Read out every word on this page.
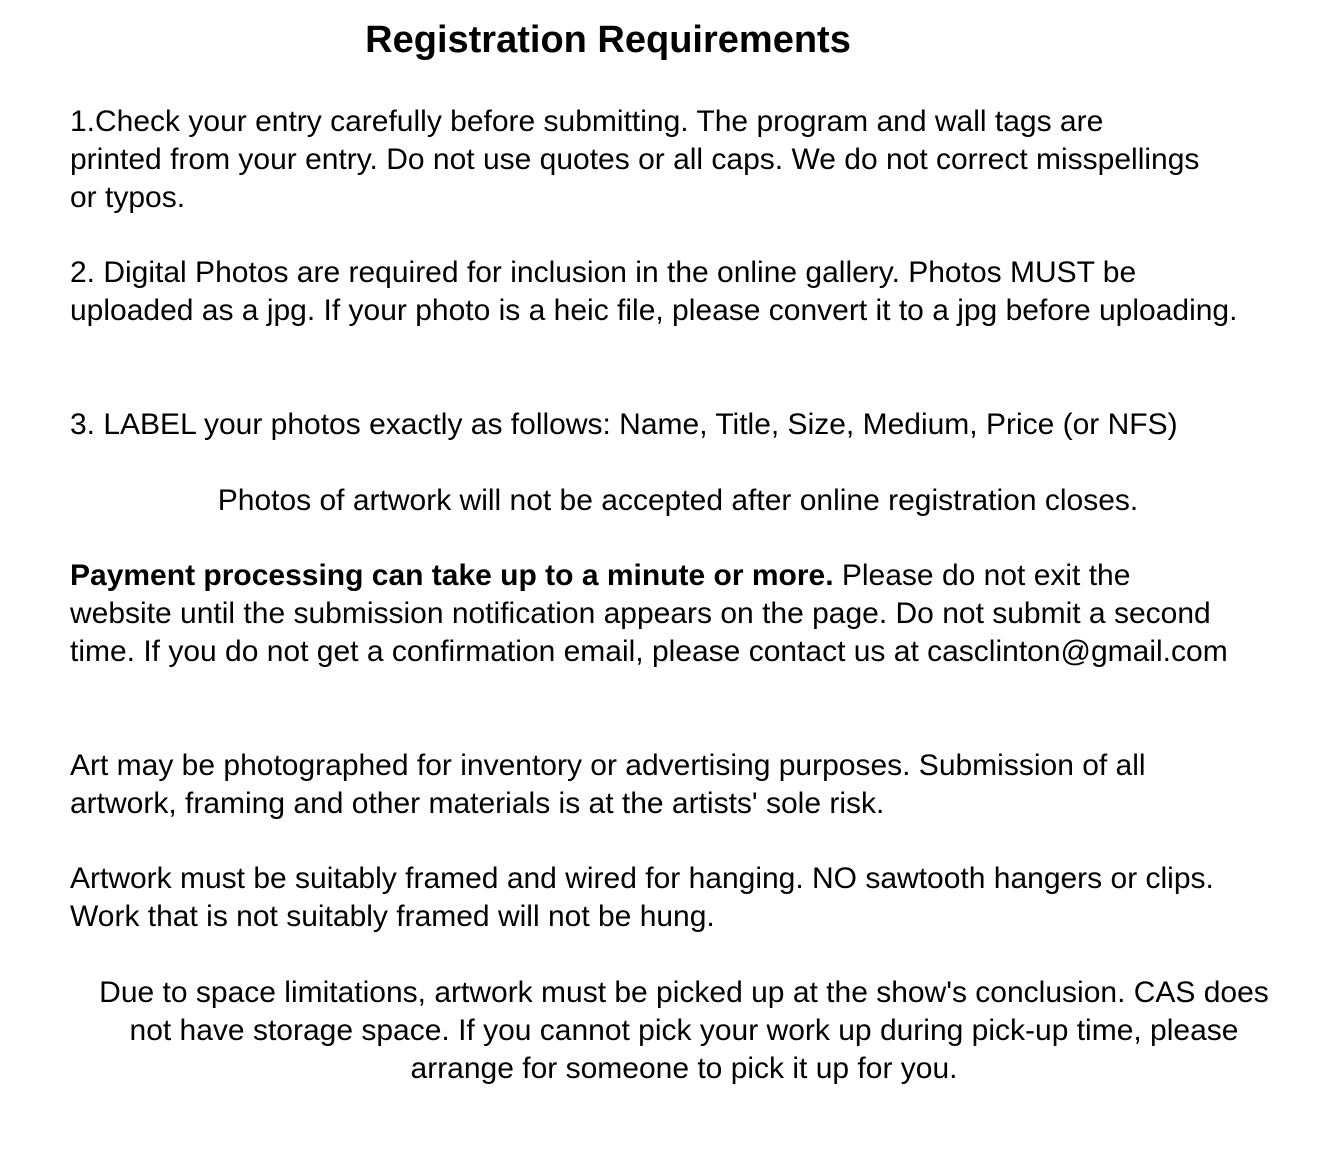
Registration Requirements

1.Check your entry carefully before submitting. The program and wall tags are printed from your entry. Do not use quotes or all caps. We do not correct misspellings or typos.

2. Digital Photos are required for inclusion in the online gallery. Photos MUST be uploaded as a jpg. If your photo is a heic file, please convert it to a jpg before uploading.

3. LABEL your photos exactly as follows: Name, Title, Size, Medium, Price (or NFS)

Photos of artwork will not be accepted after online registration closes.

Payment processing can take up to a minute or more. Please do not exit the website until the submission notification appears on the page. Do not submit a second time. If you do not get a confirmation email, please contact us at casclinton@gmail.com

Art may be photographed for inventory or advertising purposes. Submission of all artwork, framing and other materials is at the artists' sole risk.

Artwork must be suitably framed and wired for hanging. NO sawtooth hangers or clips. Work that is not suitably framed will not be hung.

Due to space limitations, artwork must be picked up at the show's conclusion. CAS does not have storage space. If you cannot pick your work up during pick-up time, please arrange for someone to pick it up for you.
